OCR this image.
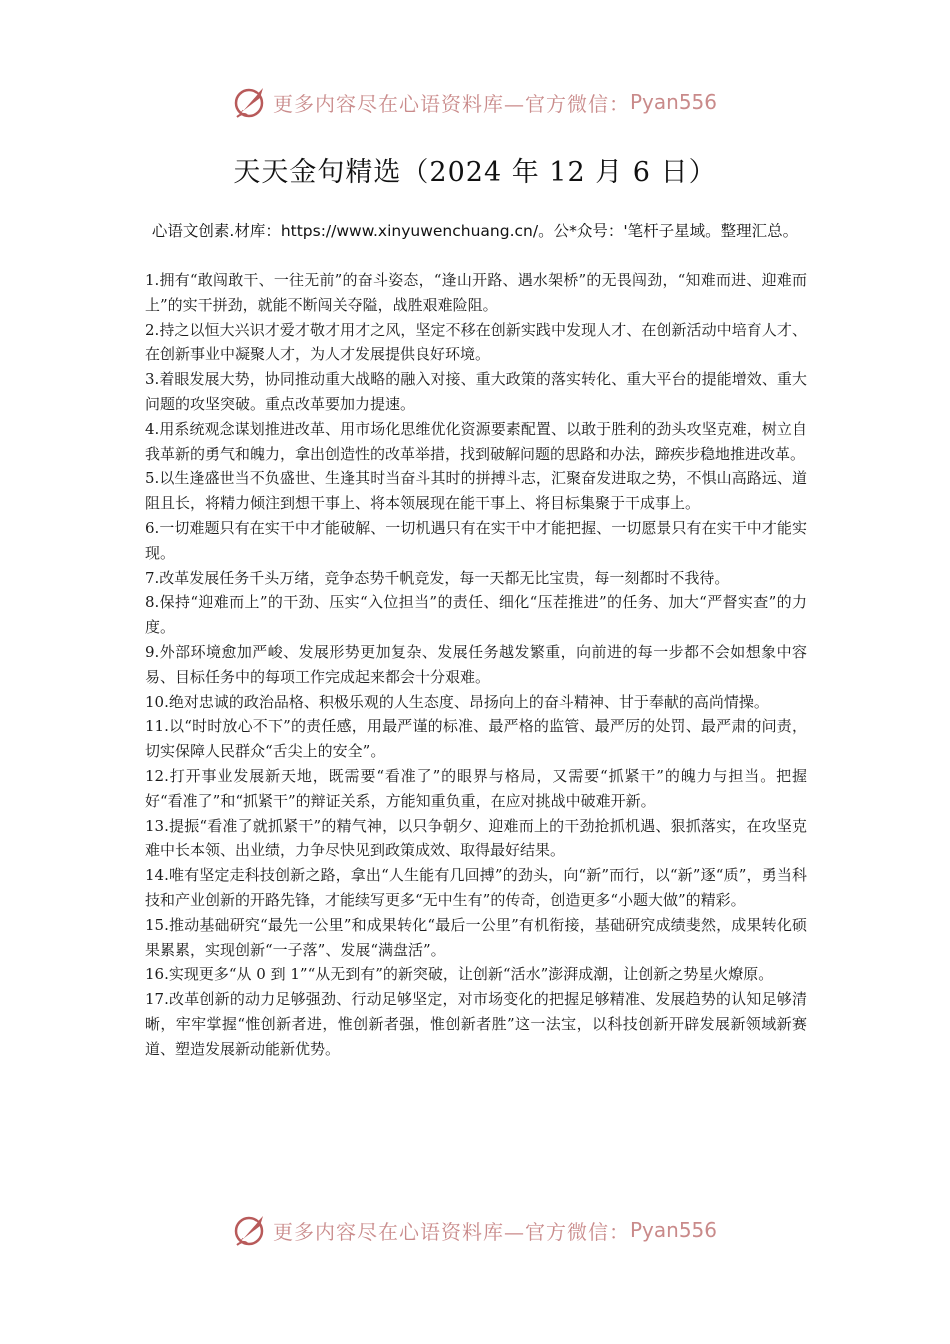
更多内容尽在心语资料库—官方微信： Pyan556
天天金句精选（2024 年 12 月 6 日）
心语文创素.材库：https://www.xinyuwenchuang.cn/。公*众号：'笔杆子星域。整理汇总。

1.拥有“敢闯敢干、一往无前”的奋斗姿态，“逢山开路、遇水架桥”的无畏闯劲，“知难而进、迎难而上”的实干拼劲，就能不断闯关夺隘，战胜艰难险阻。

2.持之以恒大兴识才爱才敬才用才之风，坚定不移在创新实践中发现人才、在创新活动中培育人才、在创新事业中凝聚人才，为人才发展提供良好环境。

3.着眼发展大势，协同推动重大战略的融入对接、重大政策的落实转化、重大平台的提能增效、重大问题的攻坚突破。重点改革要加力提速。

4.用系统观念谋划推进改革、用市场化思维优化资源要素配置、以敢于胜利的劲头攻坚克难，树立自我革新的勇气和魄力，拿出创造性的改革举措，找到破解问题的思路和办法，蹄疾步稳地推进改革。

5.以生逢盛世当不负盛世、生逢其时当奋斗其时的拼搏斗志，汇聚奋发进取之势，不惧山高路远、道阻且长，将精力倾注到想干事上、将本领展现在能干事上、将目标集聚于干成事上。

6.一切难题只有在实干中才能破解、一切机遇只有在实干中才能把握、一切愿景只有在实干中才能实现。

7.改革发展任务千头万绪，竞争态势千帆竞发，每一天都无比宝贵，每一刻都时不我待。

8.保持“迎难而上”的干劲、压实“入位担当”的责任、细化“压茬推进”的任务、加大“严督实查”的力度。

9.外部环境愈加严峻、发展形势更加复杂、发展任务越发繁重，向前进的每一步都不会如想象中容易、目标任务中的每项工作完成起来都会十分艰难。

10.绝对忠诚的政治品格、积极乐观的人生态度、昂扬向上的奋斗精神、甘于奉献的高尚情操。

11.以“时时放心不下”的责任感，用最严谨的标准、最严格的监管、最严厉的处罚、最严肃的问责，切实保障人民群众“舌尖上的安全”。

12.打开事业发展新天地，既需要“看准了”的眼界与格局，又需要“抓紧干”的魄力与担当。把握好“看准了”和“抓紧干”的辩证关系，方能知重负重，在应对挑战中破难开新。

13.提振“看准了就抓紧干”的精气神，以只争朝夕、迎难而上的干劲抢抓机遇、狠抓落实，在攻坚克难中长本领、出业绩，力争尽快见到政策成效、取得最好结果。

14.唯有坚定走科技创新之路，拿出“人生能有几回搏”的劲头，向“新”而行，以“新”逐“质”，勇当科技和产业创新的开路先锋，才能续写更多“无中生有”的传奇，创造更多“小题大做”的精彩。

15.推动基础研究“最先一公里”和成果转化“最后一公里”有机衔接，基础研究成绩斐然，成果转化硕果累累，实现创新“一子落”、发展“满盘活”。

16.实现更多“从 0 到 1”“从无到有”的新突破，让创新“活水”澎湃成潮，让创新之势星火燎原。

17.改革创新的动力足够强劲、行动足够坚定，对市场变化的把握足够精准、发展趋势的认知足够清晰，牢牢掌握“惟创新者进，惟创新者强，惟创新者胜”这一法宝，以科技创新开辟发展新领域新赛道、塑造发展新动能新优势。

更多内容尽在心语资料库—官方微信： Pyan556
